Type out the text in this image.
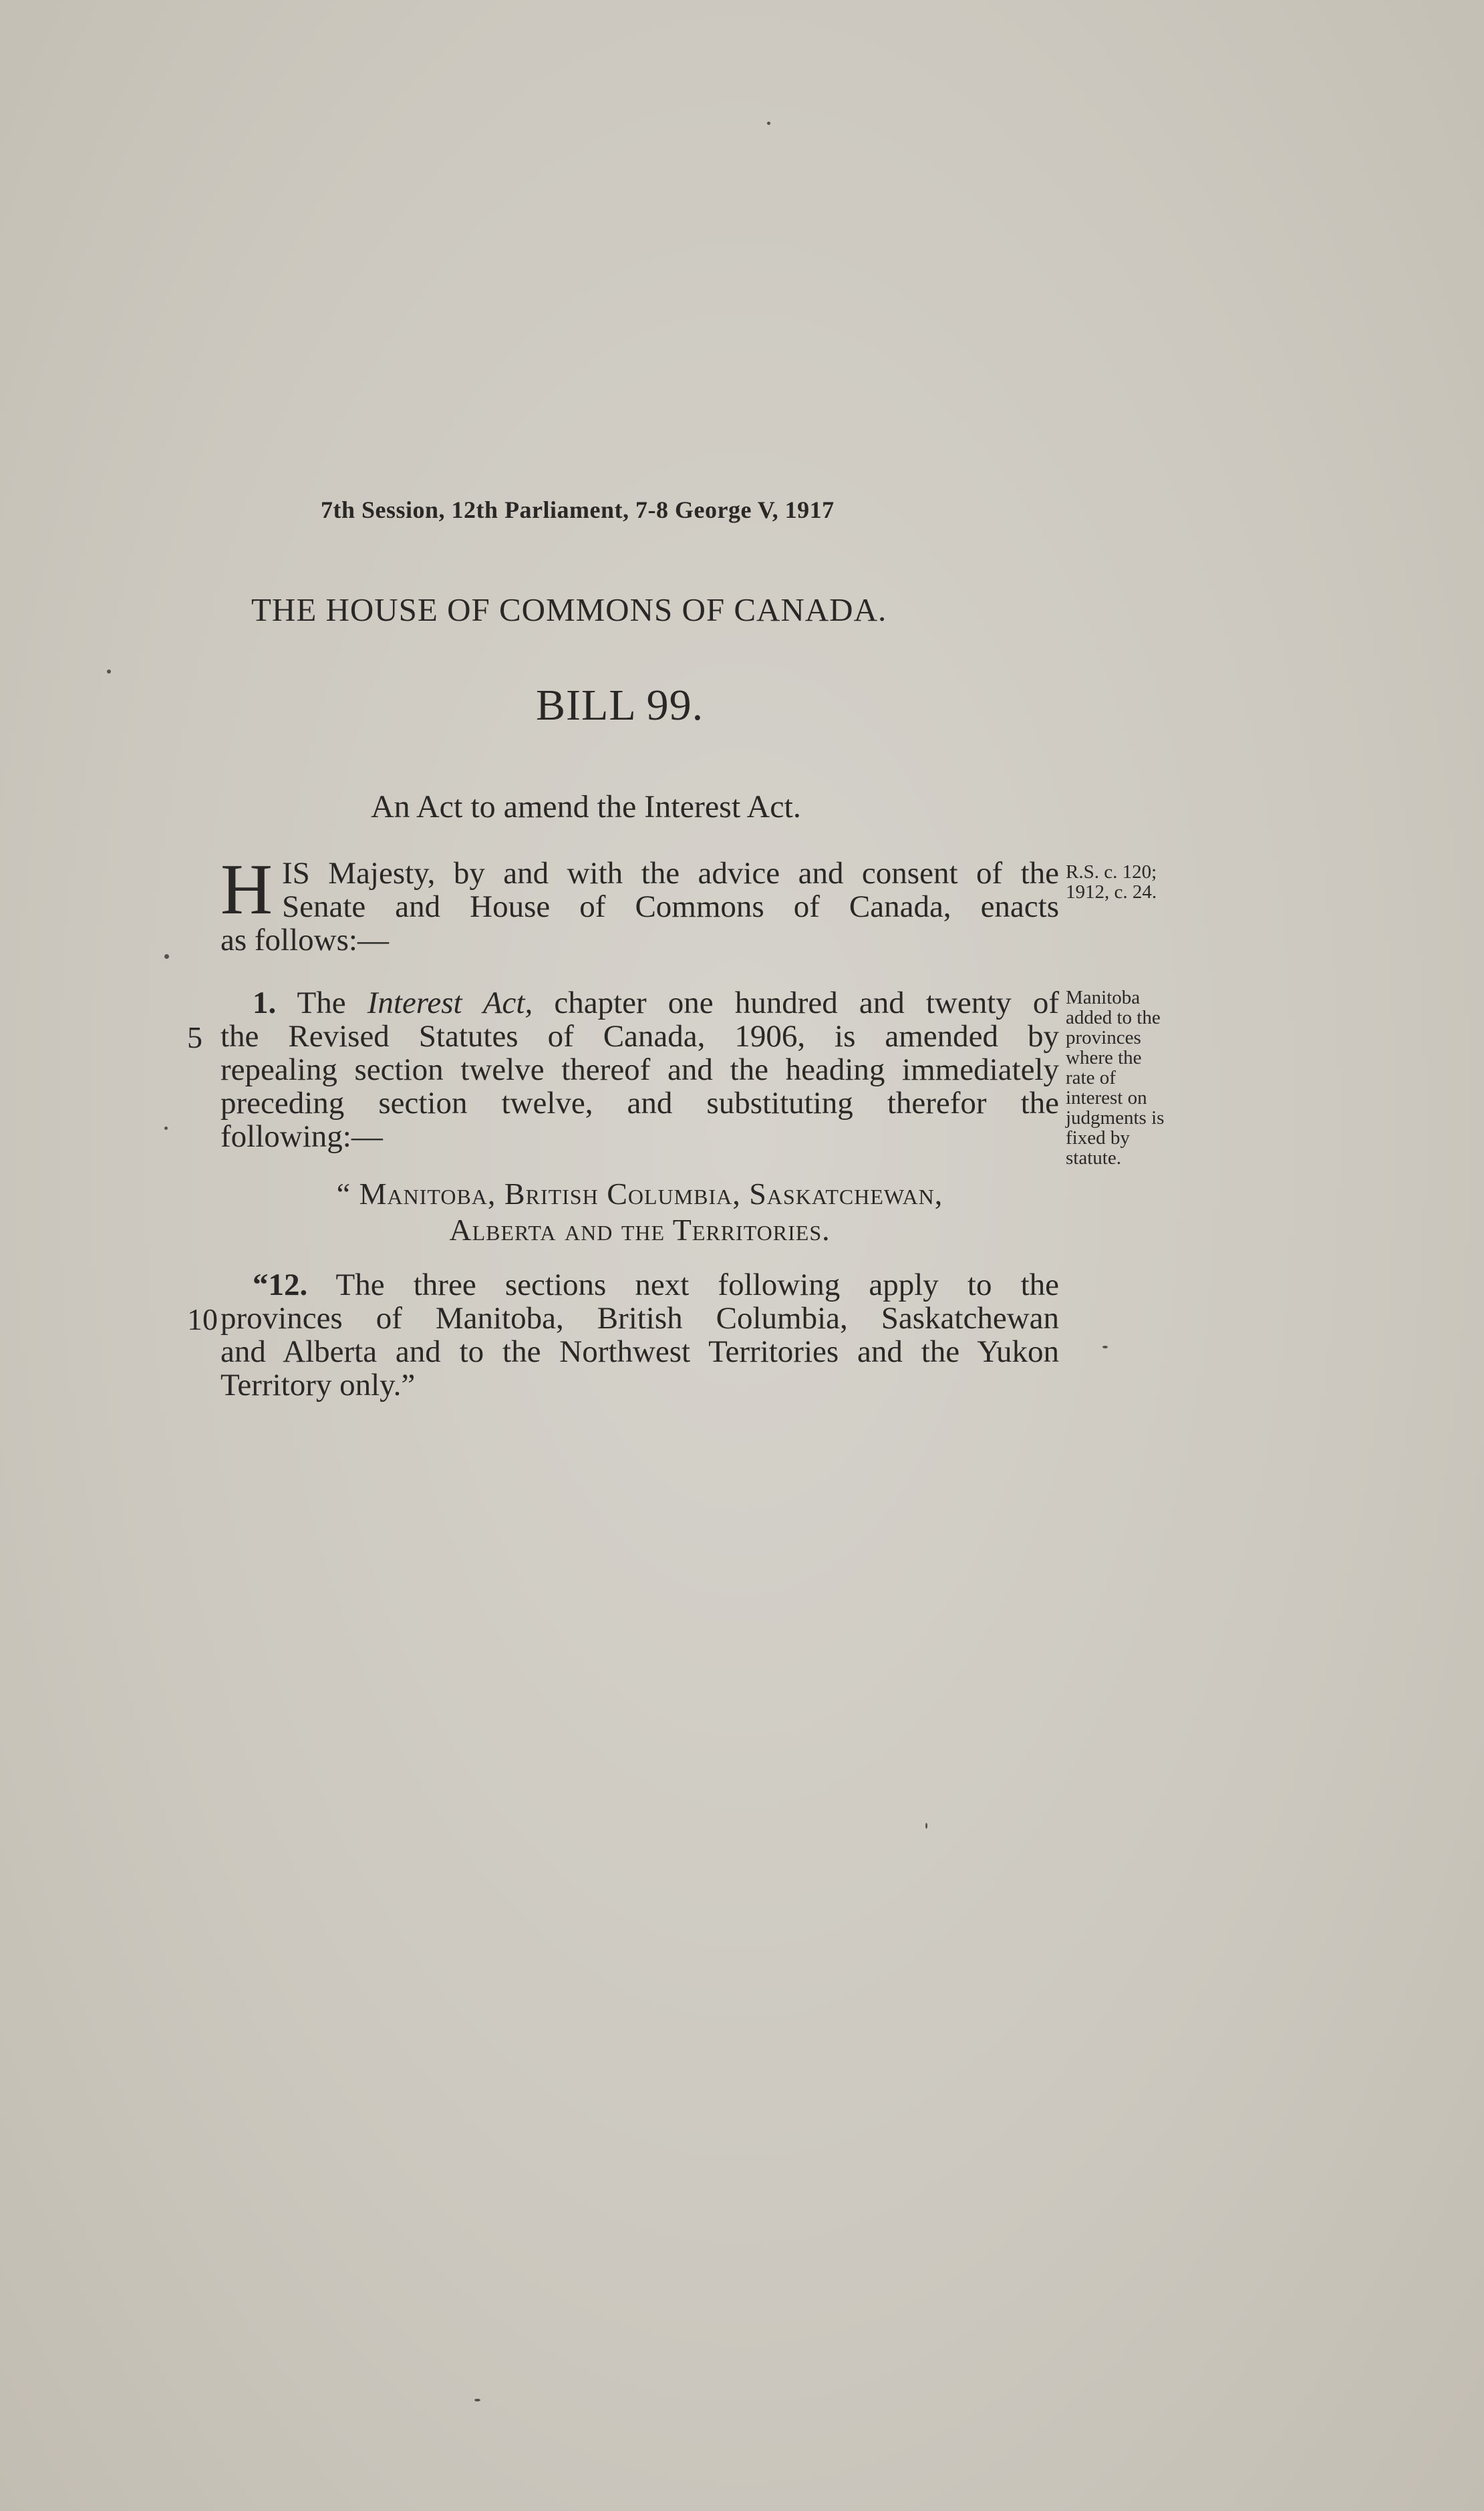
7th Session, 12th Parliament, 7-8 George V, 1917
THE HOUSE OF COMMONS OF CANADA.
BILL 99.
An Act to amend the Interest Act.
H IS Majesty, by and with the advice and consent of the
Senate and House of Commons of Canada, enacts
as follows:—
R.S. c. 120;
1912, c. 24.
1. The Interest Act, chapter one hundred and twenty of
the Revised Statutes of Canada, 1906, is amended by
repealing section twelve thereof and the heading immediately
preceding section twelve, and substituting therefor the
following:—
5
Manitoba
added to the
provinces
where the
rate of
interest on
judgments is
fixed by
statute.
“ Manitoba, British Columbia, Saskatchewan,
Alberta and the Territories.
“12. The three sections next following apply to the
provinces of Manitoba, British Columbia, Saskatchewan
and Alberta and to the Northwest Territories and the Yukon
Territory only.”
10
